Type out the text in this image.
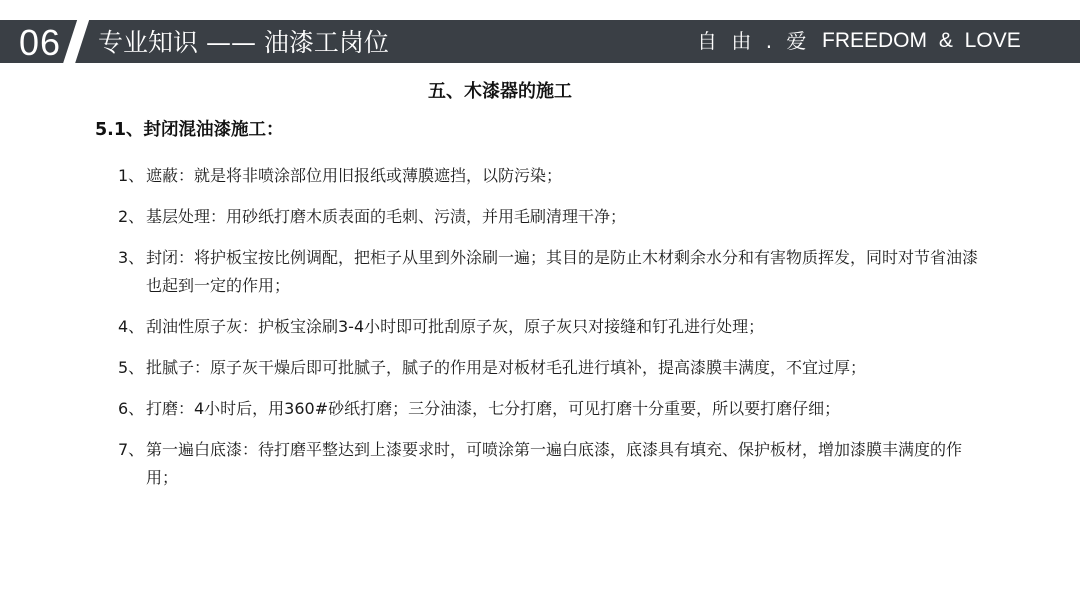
06 专业知识 —— 油漆工岗位	自 由 . 爱 FREEDOM & LOVE
五、木漆器的施工
5.1、封闭混油漆施工：
1、 遮蔽：就是将非喷涂部位用旧报纸或薄膜遮挡，以防污染；
2、 基层处理：用砂纸打磨木质表面的毛刺、污渍，并用毛刷清理干净；
3、 封闭：将护板宝按比例调配，把柜子从里到外涂刷一遍；其目的是防止木材剩余水分和有害物质挥发，同时对节省油漆也起到一定的作用；
4、 刮油性原子灰：护板宝涂刷3-4小时即可批刮原子灰，原子灰只对接缝和钉孔进行处理；
5、 批腻子：原子灰干燥后即可批腻子，腻子的作用是对板材毛孔进行填补，提高漆膜丰满度，不宜过厚；
6、 打磨：4小时后，用360#砂纸打磨；三分油漆，七分打磨，可见打磨十分重要，所以要打磨仔细；
7、 第一遍白底漆：待打磨平整达到上漆要求时，可喷涂第一遍白底漆，底漆具有填充、保护板材，增加漆膜丰满度的作用；
